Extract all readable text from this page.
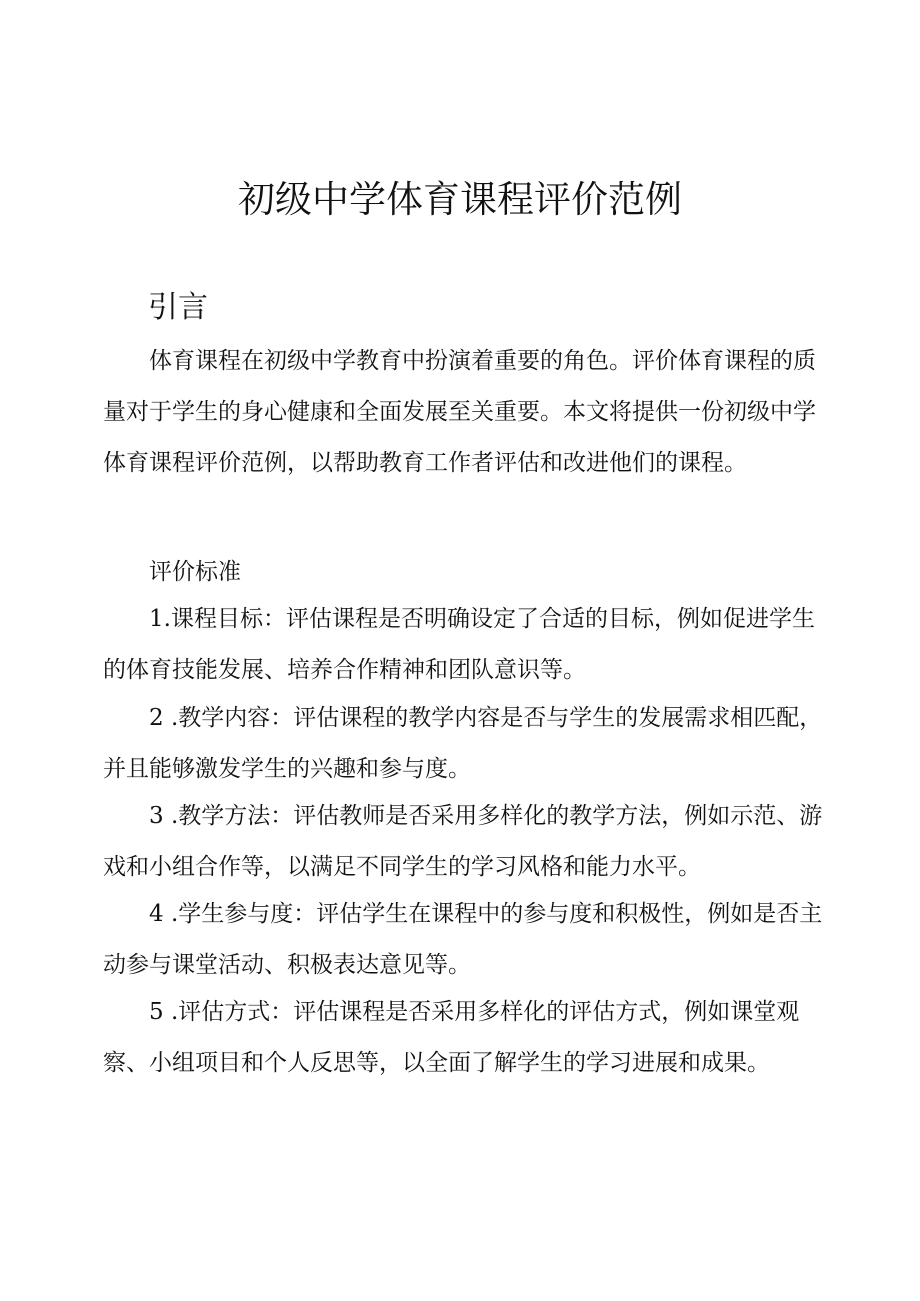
初级中学体育课程评价范例
引言

体育课程在初级中学教育中扮演着重要的角色。评价体育课程的质量对于学生的身心健康和全面发展至关重要。本文将提供一份初级中学体育课程评价范例，以帮助教育工作者评估和改进他们的课程。

评价标准

1.课程目标：评估课程是否明确设定了合适的目标，例如促进学生的体育技能发展、培养合作精神和团队意识等。

2 .教学内容：评估课程的教学内容是否与学生的发展需求相匹配，并且能够激发学生的兴趣和参与度。

3 .教学方法：评估教师是否采用多样化的教学方法，例如示范、游戏和小组合作等，以满足不同学生的学习风格和能力水平。

4 .学生参与度：评估学生在课程中的参与度和积极性，例如是否主动参与课堂活动、积极表达意见等。

5 .评估方式：评估课程是否采用多样化的评估方式，例如课堂观察、小组项目和个人反思等，以全面了解学生的学习进展和成果。
